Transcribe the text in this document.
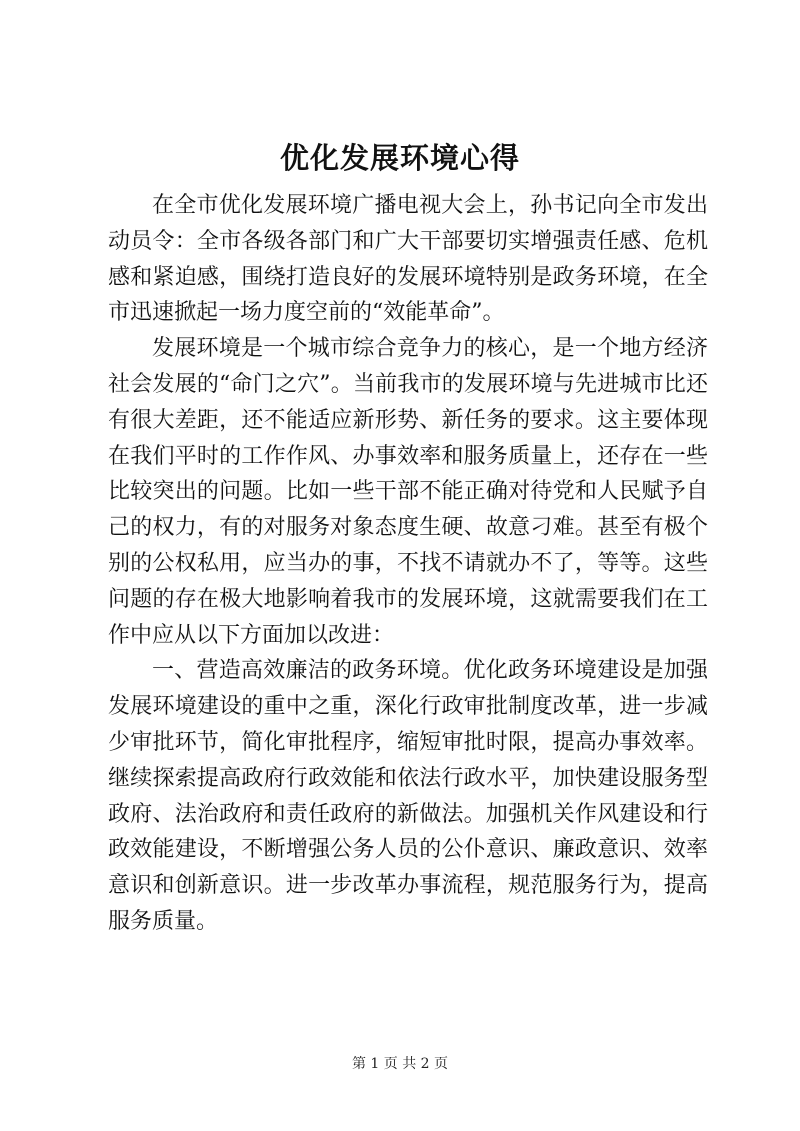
优化发展环境心得

在全市优化发展环境广播电视大会上，孙书记向全市发出动员令：全市各级各部门和广大干部要切实增强责任感、危机感和紧迫感，围绕打造良好的发展环境特别是政务环境，在全市迅速掀起一场力度空前的“效能革命”。

发展环境是一个城市综合竞争力的核心，是一个地方经济社会发展的“命门之穴”。当前我市的发展环境与先进城市比还有很大差距，还不能适应新形势、新任务的要求。这主要体现在我们平时的工作作风、办事效率和服务质量上，还存在一些比较突出的问题。比如一些干部不能正确对待党和人民赋予自己的权力，有的对服务对象态度生硬、故意刁难。甚至有极个别的公权私用，应当办的事，不找不请就办不了，等等。这些问题的存在极大地影响着我市的发展环境，这就需要我们在工作中应从以下方面加以改进：

一、营造高效廉洁的政务环境。优化政务环境建设是加强发展环境建设的重中之重，深化行政审批制度改革，进一步减少审批环节，简化审批程序，缩短审批时限，提高办事效率。继续探索提高政府行政效能和依法行政水平，加快建设服务型政府、法治政府和责任政府的新做法。加强机关作风建设和行政效能建设，不断增强公务人员的公仆意识、廉政意识、效率意识和创新意识。进一步改革办事流程，规范服务行为，提高服务质量。

第 1 页 共 2 页
